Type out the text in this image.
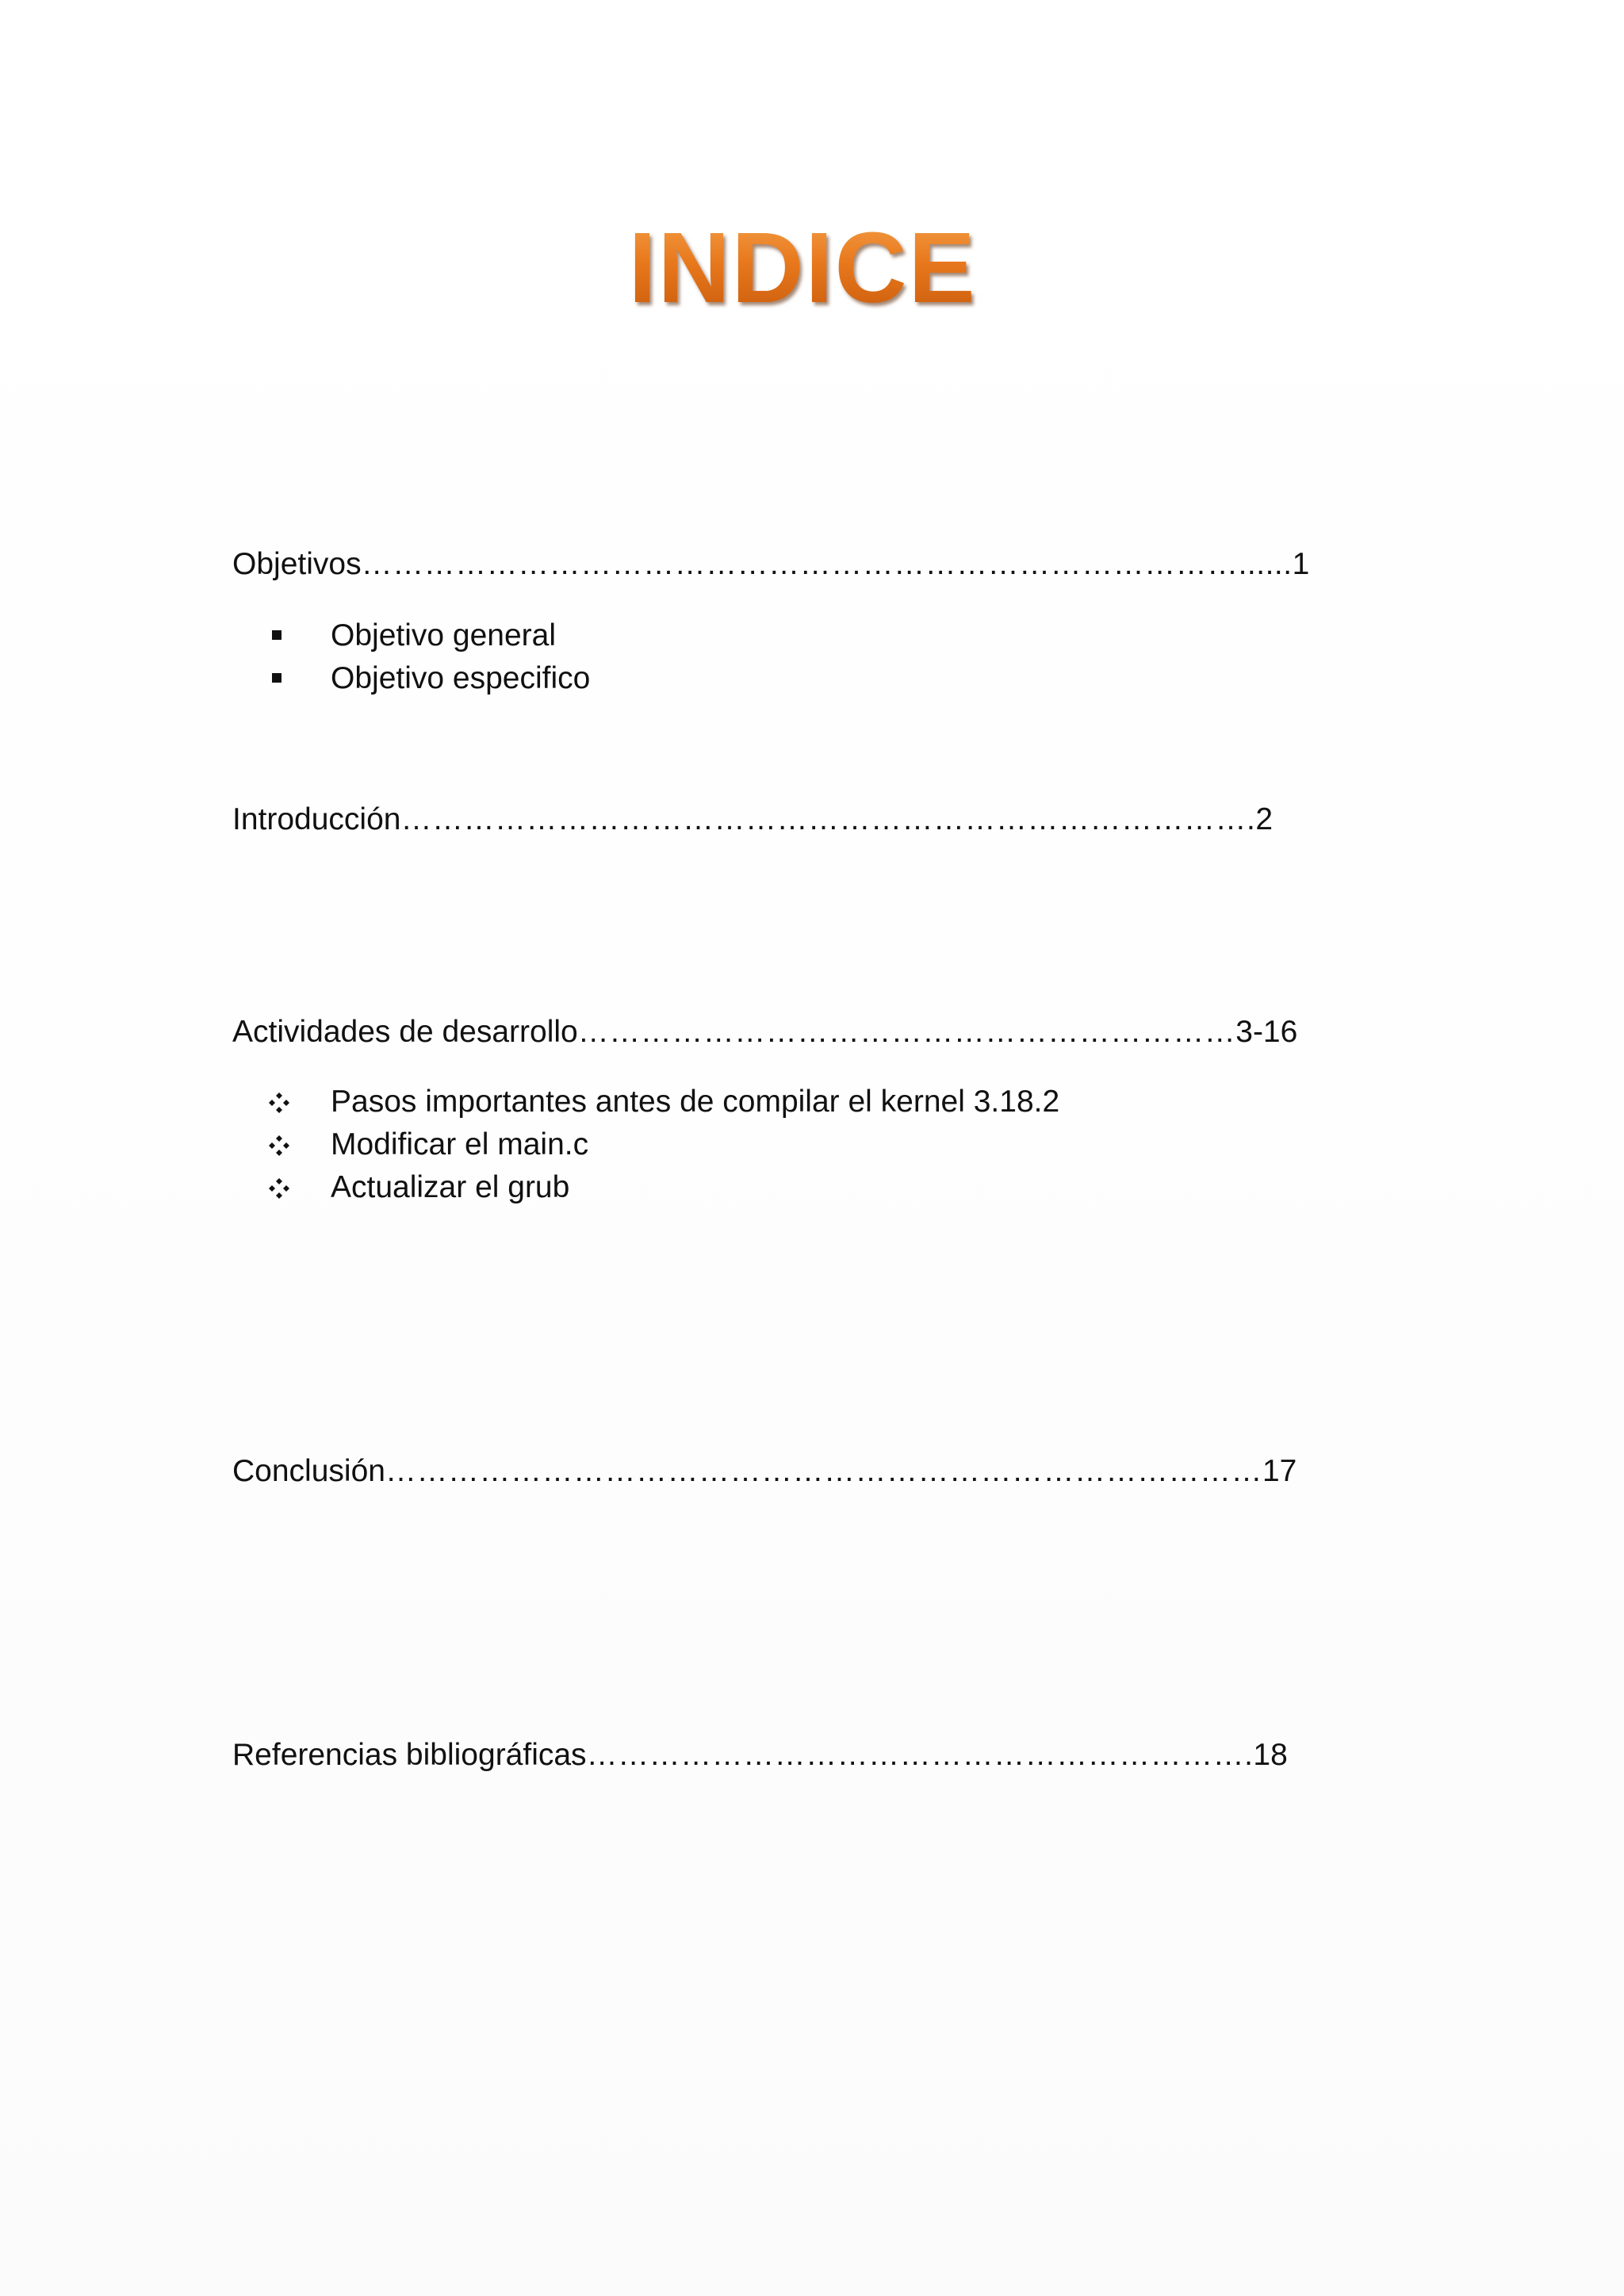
INDICE
Objetivos…………………………………………………………………………......1
Objetivo general
Objetivo especifico
Introducción……………………………………………………………………….2
Actividades de desarrollo………………………………………………………3-16
Pasos importantes antes de compilar el kernel 3.18.2
Modificar el main.c
Actualizar el grub
Conclusión…………………………………………………………………………17
Referencias bibliográficas……………………………………………………….18
